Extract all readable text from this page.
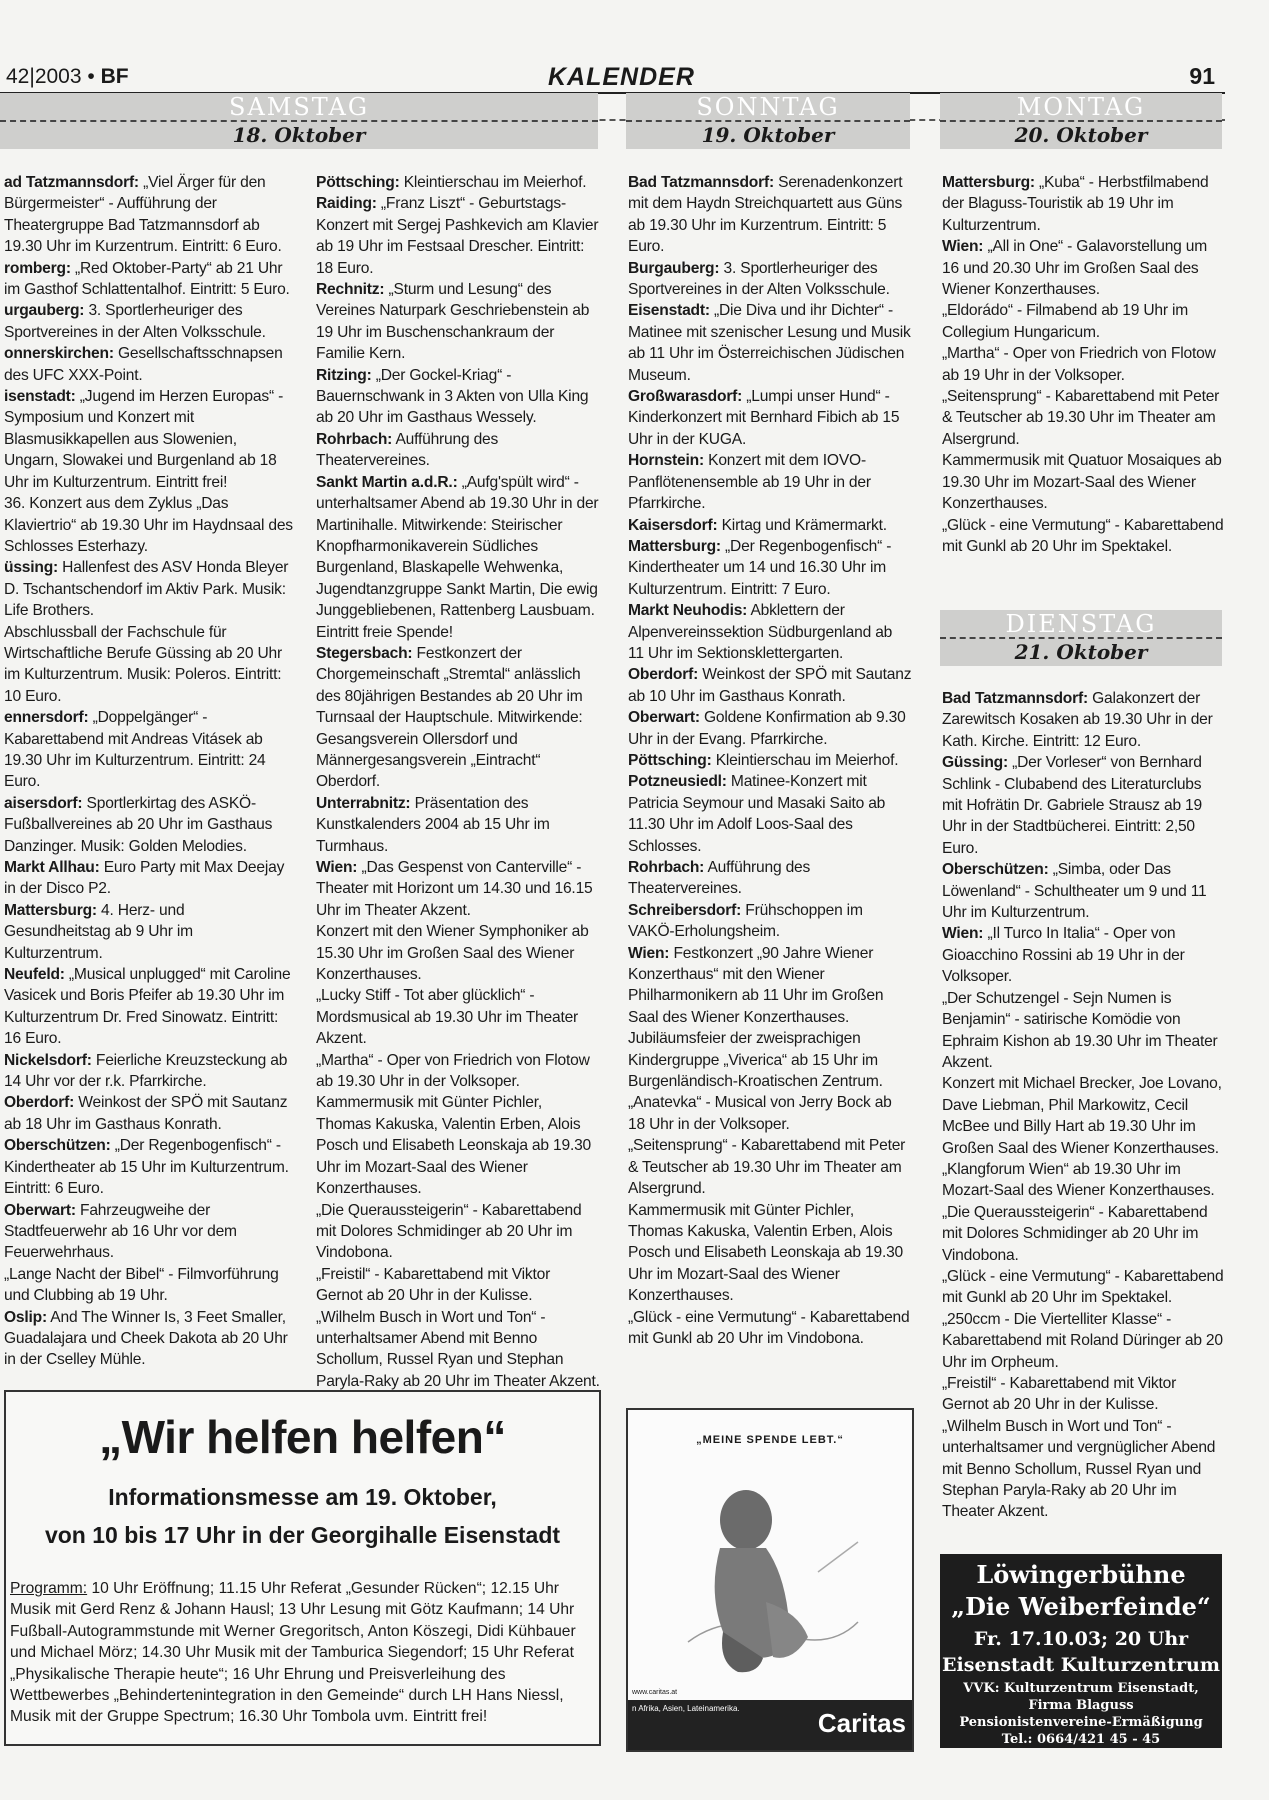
42|2003 • BF	KALENDER	91
SAMSTAG
18. Oktober
SONNTAG
19. Oktober
MONTAG
20. Oktober
DIENSTAG
21. Oktober

ad Tatzmannsdorf: „Viel Ärger für den Bürgermeister“ - Aufführung der Theatergruppe Bad Tatzmannsdorf ab 19.30 Uhr im Kurzentrum. Eintritt: 6 Euro.

romberg: „Red Oktober-Party“ ab 21 Uhr im Gasthof Schlattentalhof. Eintritt: 5 Euro.

urgauberg: 3. Sportlerheuriger des Sportvereines in der Alten Volksschule.

onnerskirchen: Gesellschaftsschnapsen des UFC XXX-Point.

isenstadt: „Jugend im Herzen Europas“ - Symposium und Konzert mit Blasmusikkapellen aus Slowenien, Ungarn, Slowakei und Burgenland ab 18 Uhr im Kulturzentrum. Eintritt frei!

36. Konzert aus dem Zyklus „Das Klaviertrio“ ab 19.30 Uhr im Haydnsaal des Schlosses Esterhazy.

üssing: Hallenfest des ASV Honda Bleyer D. Tschantschendorf im Aktiv Park. Musik: Life Brothers.

Abschlussball der Fachschule für Wirtschaftliche Berufe Güssing ab 20 Uhr im Kulturzentrum. Musik: Poleros. Eintritt: 10 Euro.

ennersdorf: „Doppelgänger“ - Kabarettabend mit Andreas Vitásek ab 19.30 Uhr im Kulturzentrum. Eintritt: 24 Euro.

aisersdorf: Sportlerkirtag des ASKÖ-Fußballvereines ab 20 Uhr im Gasthaus Danzinger. Musik: Golden Melodies.

Markt Allhau: Euro Party mit Max Deejay in der Disco P2.

Mattersburg: 4. Herz- und Gesundheitstag ab 9 Uhr im Kulturzentrum.

Neufeld: „Musical unplugged“ mit Caroline Vasicek und Boris Pfeifer ab 19.30 Uhr im Kulturzentrum Dr. Fred Sinowatz. Eintritt: 16 Euro.

Nickelsdorf: Feierliche Kreuzsteckung ab 14 Uhr vor der r.k. Pfarrkirche.

Oberdorf: Weinkost der SPÖ mit Sautanz ab 18 Uhr im Gasthaus Konrath.

Oberschützen: „Der Regenbogenfisch“ - Kindertheater ab 15 Uhr im Kulturzentrum. Eintritt: 6 Euro.

Oberwart: Fahrzeugweihe der Stadtfeuerwehr ab 16 Uhr vor dem Feuerwehrhaus.

„Lange Nacht der Bibel“ - Filmvorführung und Clubbing ab 19 Uhr.

Oslip: And The Winner Is, 3 Feet Smaller, Guadalajara und Cheek Dakota ab 20 Uhr in der Cselley Mühle.

Pöttsching: Kleintierschau im Meierhof.

Raiding: „Franz Liszt“ - Geburtstags-Konzert mit Sergej Pashkevich am Klavier ab 19 Uhr im Festsaal Drescher. Eintritt: 18 Euro.

Rechnitz: „Sturm und Lesung“ des Vereines Naturpark Geschriebenstein ab 19 Uhr im Buschenschankraum der Familie Kern.

Ritzing: „Der Gockel-Kriag“ - Bauernschwank in 3 Akten von Ulla King ab 20 Uhr im Gasthaus Wessely.

Rohrbach: Aufführung des Theatervereines.

Sankt Martin a.d.R.: „Aufg'spült wird“ - unterhaltsamer Abend ab 19.30 Uhr in der Martinihalle. Mitwirkende: Steirischer Knopfharmonikaverein Südliches Burgenland, Blaskapelle Wehwenka, Jugendtanzgruppe Sankt Martin, Die ewig Junggebliebenen, Rattenberg Lausbuam. Eintritt freie Spende!

Stegersbach: Festkonzert der Chorgemeinschaft „Stremtal“ anlässlich des 80jährigen Bestandes ab 20 Uhr im Turnsaal der Hauptschule. Mitwirkende: Gesangsverein Ollersdorf und Männergesangsverein „Eintracht“ Oberdorf.

Unterrabnitz: Präsentation des Kunstkalenders 2004 ab 15 Uhr im Turmhaus.

Wien: „Das Gespenst von Canterville“ - Theater mit Horizont um 14.30 und 16.15 Uhr im Theater Akzent.

Konzert mit den Wiener Symphoniker ab 15.30 Uhr im Großen Saal des Wiener Konzerthauses.

„Lucky Stiff - Tot aber glücklich“ - Mordsmusical ab 19.30 Uhr im Theater Akzent.

„Martha“ - Oper von Friedrich von Flotow ab 19.30 Uhr in der Volksoper.

Kammermusik mit Günter Pichler, Thomas Kakuska, Valentin Erben, Alois Posch und Elisabeth Leonskaja ab 19.30 Uhr im Mozart-Saal des Wiener Konzerthauses.

„Die Queraussteigerin“ - Kabarettabend mit Dolores Schmidinger ab 20 Uhr im Vindobona.

„Freistil“ - Kabarettabend mit Viktor Gernot ab 20 Uhr in der Kulisse.

„Wilhelm Busch in Wort und Ton“ - unterhaltsamer Abend mit Benno Schollum, Russel Ryan und Stephan Paryla-Raky ab 20 Uhr im Theater Akzent.

Bad Tatzmannsdorf: Serenadenkonzert mit dem Haydn Streichquartett aus Güns ab 19.30 Uhr im Kurzentrum. Eintritt: 5 Euro.

Burgauberg: 3. Sportlerheuriger des Sportvereines in der Alten Volksschule.

Eisenstadt: „Die Diva und ihr Dichter“ - Matinee mit szenischer Lesung und Musik ab 11 Uhr im Österreichischen Jüdischen Museum.

Großwarasdorf: „Lumpi unser Hund“ - Kinderkonzert mit Bernhard Fibich ab 15 Uhr in der KUGA.

Hornstein: Konzert mit dem IOVO-Panflötenensemble ab 19 Uhr in der Pfarrkirche.

Kaisersdorf: Kirtag und Krämermarkt.

Mattersburg: „Der Regenbogenfisch“ - Kindertheater um 14 und 16.30 Uhr im Kulturzentrum. Eintritt: 7 Euro.

Markt Neuhodis: Abklettern der Alpenvereinssektion Südburgenland ab 11 Uhr im Sektionsklettergarten.

Oberdorf: Weinkost der SPÖ mit Sautanz ab 10 Uhr im Gasthaus Konrath.

Oberwart: Goldene Konfirmation ab 9.30 Uhr in der Evang. Pfarrkirche.

Pöttsching: Kleintierschau im Meierhof.

Potzneusiedl: Matinee-Konzert mit Patricia Seymour und Masaki Saito ab 11.30 Uhr im Adolf Loos-Saal des Schlosses.

Rohrbach: Aufführung des Theatervereines.

Schreibersdorf: Frühschoppen im VAKÖ-Erholungsheim.

Wien: Festkonzert „90 Jahre Wiener Konzerthaus“ mit den Wiener Philharmonikern ab 11 Uhr im Großen Saal des Wiener Konzerthauses.

Jubiläumsfeier der zweisprachigen Kindergruppe „Viverica“ ab 15 Uhr im Burgenländisch-Kroatischen Zentrum.

„Anatevka“ - Musical von Jerry Bock ab 18 Uhr in der Volksoper.

„Seitensprung“ - Kabarettabend mit Peter & Teutscher ab 19.30 Uhr im Theater am Alsergrund.

Kammermusik mit Günter Pichler, Thomas Kakuska, Valentin Erben, Alois Posch und Elisabeth Leonskaja ab 19.30 Uhr im Mozart-Saal des Wiener Konzerthauses.

„Glück - eine Vermutung“ - Kabarettabend mit Gunkl ab 20 Uhr im Vindobona.

Mattersburg: „Kuba“ - Herbstfilmabend der Blaguss-Touristik ab 19 Uhr im Kulturzentrum.

Wien: „All in One“ - Galavorstellung um 16 und 20.30 Uhr im Großen Saal des Wiener Konzerthauses.

„Eldorádo“ - Filmabend ab 19 Uhr im Collegium Hungaricum.

„Martha“ - Oper von Friedrich von Flotow ab 19 Uhr in der Volksoper.

„Seitensprung“ - Kabarettabend mit Peter & Teutscher ab 19.30 Uhr im Theater am Alsergrund.

Kammermusik mit Quatuor Mosaiques ab 19.30 Uhr im Mozart-Saal des Wiener Konzerthauses.

„Glück - eine Vermutung“ - Kabarettabend mit Gunkl ab 20 Uhr im Spektakel.

Bad Tatzmannsdorf: Galakonzert der Zarewitsch Kosaken ab 19.30 Uhr in der Kath. Kirche. Eintritt: 12 Euro.

Güssing: „Der Vorleser“ von Bernhard Schlink - Clubabend des Literaturclubs mit Hofrätin Dr. Gabriele Strausz ab 19 Uhr in der Stadtbücherei. Eintritt: 2,50 Euro.

Oberschützen: „Simba, oder Das Löwenland“ - Schultheater um 9 und 11 Uhr im Kulturzentrum.

Wien: „Il Turco In Italia“ - Oper von Gioacchino Rossini ab 19 Uhr in der Volksoper.

„Der Schutzengel - Sejn Numen is Benjamin“ - satirische Komödie von Ephraim Kishon ab 19.30 Uhr im Theater Akzent.

Konzert mit Michael Brecker, Joe Lovano, Dave Liebman, Phil Markowitz, Cecil McBee und Billy Hart ab 19.30 Uhr im Großen Saal des Wiener Konzerthauses.

„Klangforum Wien“ ab 19.30 Uhr im Mozart-Saal des Wiener Konzerthauses.

„Die Queraussteigerin“ - Kabarettabend mit Dolores Schmidinger ab 20 Uhr im Vindobona.

„Glück - eine Vermutung“ - Kabarettabend mit Gunkl ab 20 Uhr im Spektakel.

„250ccm - Die Viertelliter Klasse“ - Kabarettabend mit Roland Düringer ab 20 Uhr im Orpheum.

„Freistil“ - Kabarettabend mit Viktor Gernot ab 20 Uhr in der Kulisse.

„Wilhelm Busch in Wort und Ton“ - unterhaltsamer und vergnüglicher Abend mit Benno Schollum, Russel Ryan und Stephan Paryla-Raky ab 20 Uhr im Theater Akzent.

„Wir helfen helfen“
Informationsmesse am 19. Oktober,
von 10 bis 17 Uhr in der Georgihalle Eisenstadt
Programm: 10 Uhr Eröffnung; 11.15 Uhr Referat „Gesunder Rücken“; 12.15 Uhr Musik mit Gerd Renz & Johann Hausl; 13 Uhr Lesung mit Götz Kaufmann; 14 Uhr Fußball-Autogrammstunde mit Werner Gregoritsch, Anton Köszegi, Didi Kühbauer und Michael Mörz; 14.30 Uhr Musik mit der Tamburica Siegendorf; 15 Uhr Referat „Physikalische Therapie heute“; 16 Uhr Ehrung und Preisverleihung des Wettbewerbes „Behindertenintegration in den Gemeinde“ durch LH Hans Niessl, Musik mit der Gruppe Spectrum; 16.30 Uhr Tombola uvm. Eintritt frei!
„MEINE SPENDE LEBT.“
www.caritas.at
n Afrika, Asien, Lateinamerika.	Caritas
Löwingerbühne
„Die Weiberfeinde“
Fr. 17.10.03; 20 Uhr
Eisenstadt Kulturzentrum
VVK: Kulturzentrum Eisenstadt,
Firma Blaguss
Pensionistenvereine-Ermäßigung
Tel.: 0664/421 45 - 45
